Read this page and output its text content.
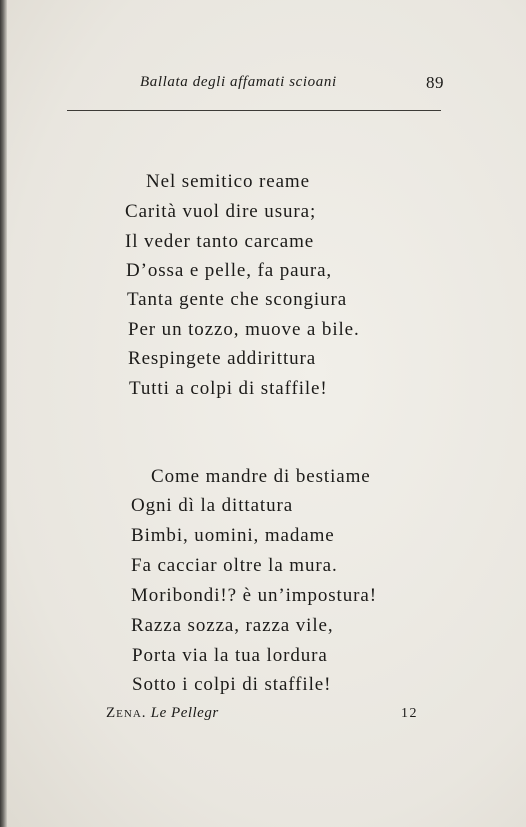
Ballata degli affamati scioani	89
Nel semitico reame
Carità vuol dire usura;
Il veder tanto carcame
D’ossa e pelle, fa paura,
Tanta gente che scongiura
Per un tozzo, muove a bile.
Respingete addirittura
Tutti a colpi di staffile!
Come mandre di bestiame
Ogni dì la dittatura
Bimbi, uomini, madame
Fa cacciar oltre la mura.
Moribondi!? è un’impostura!
Razza sozza, razza vile,
Porta via la tua lordura
Sotto i colpi di staffile!
Zena. Le Pellegr	12
